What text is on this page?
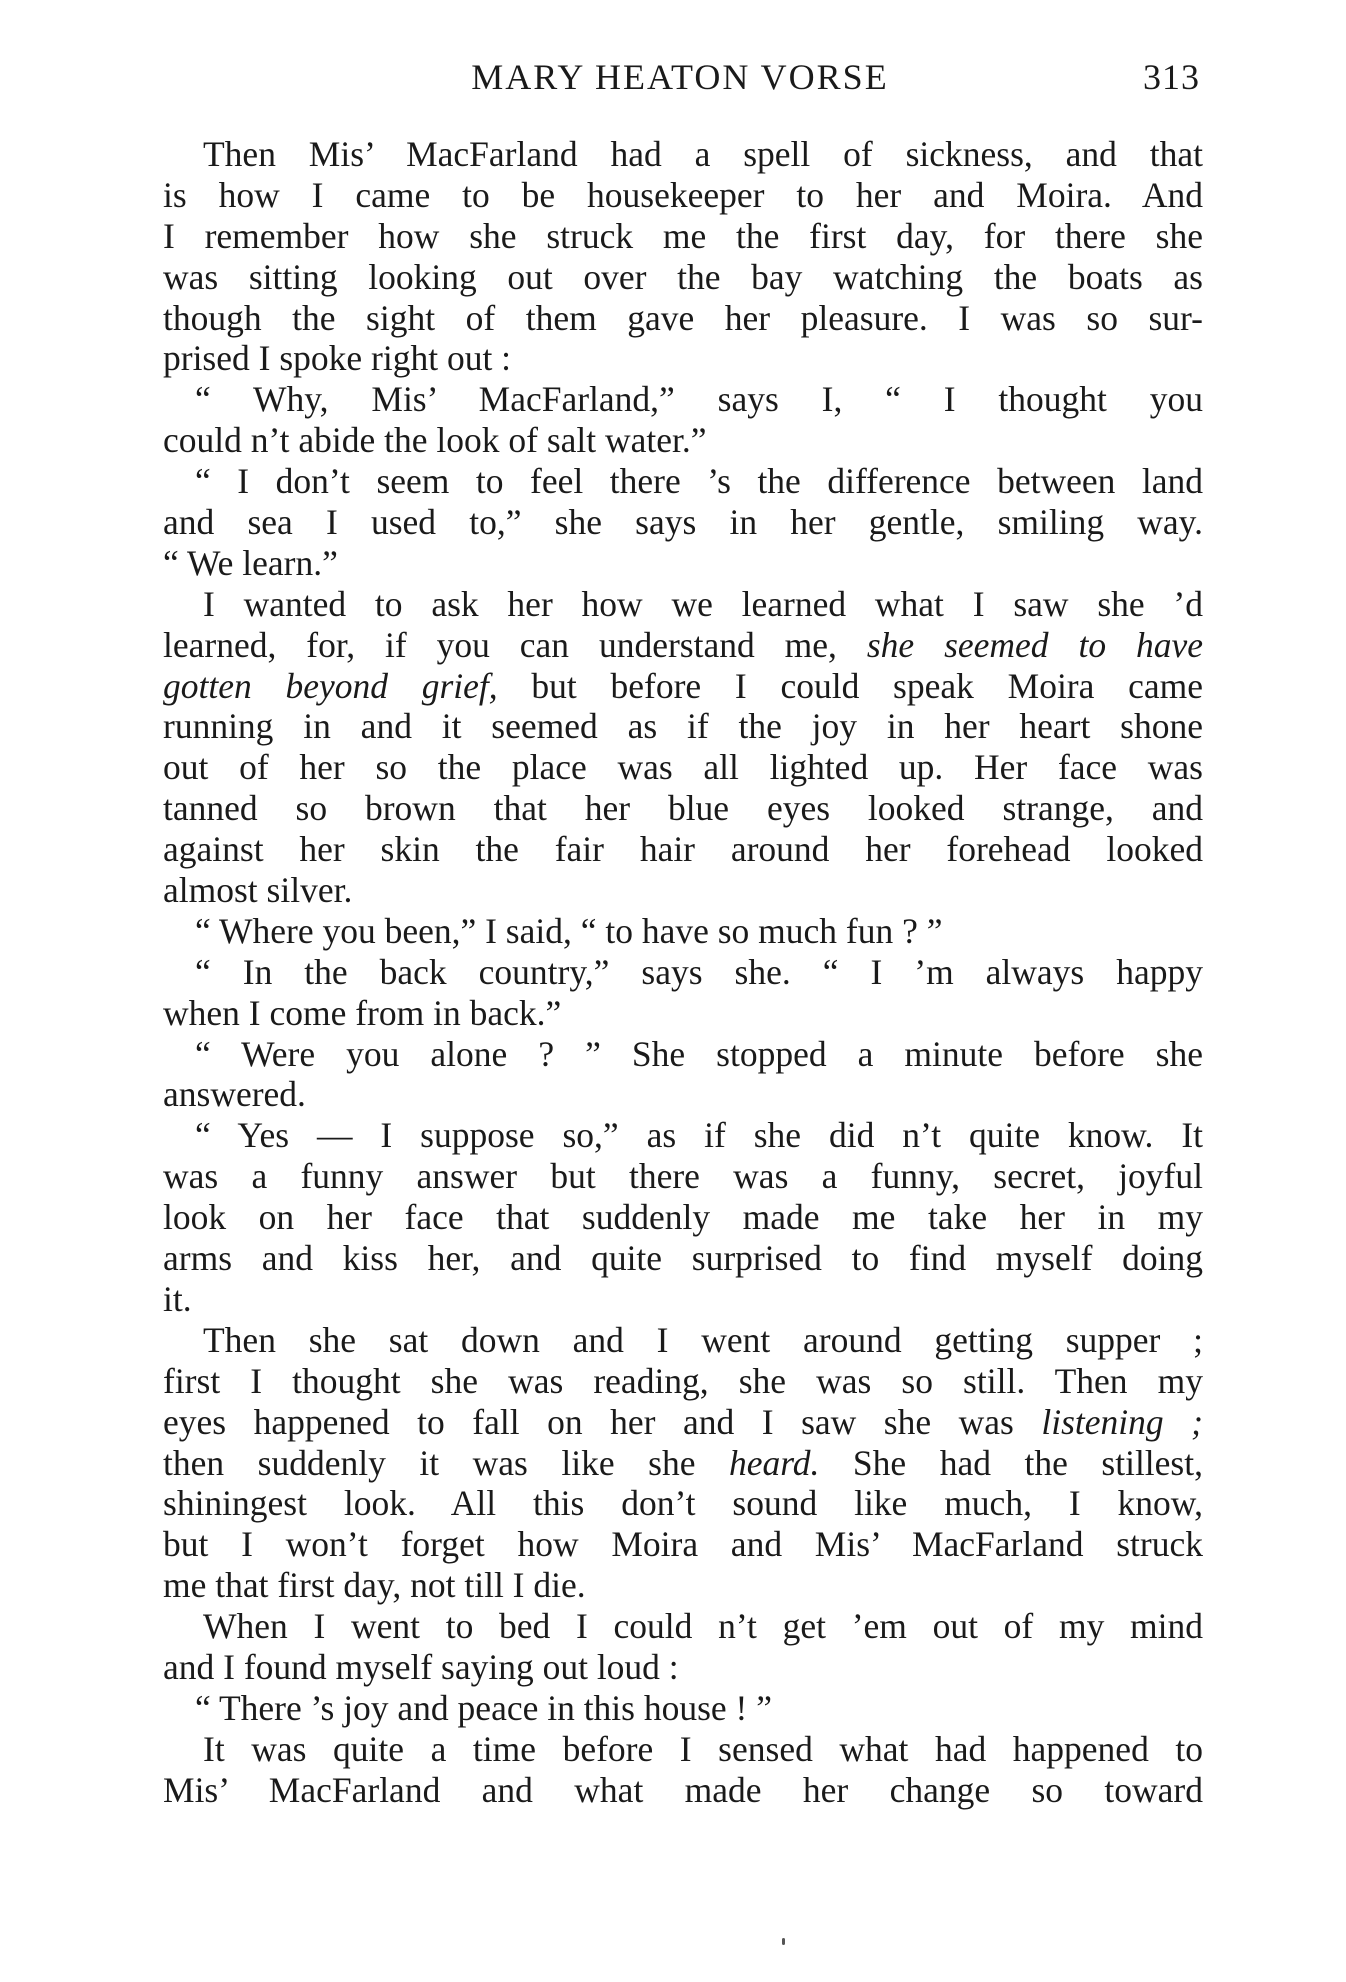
MARY HEATON VORSE	313
Then Mis’ MacFarland had a spell of sickness, and that
is how I came to be housekeeper to her and Moira. And
I remember how she struck me the first day, for there she
was sitting looking out over the bay watching the boats as
though the sight of them gave her pleasure. I was so sur-
prised I spoke right out :
“ Why, Mis’ MacFarland,” says I, “ I thought you
could n’t abide the look of salt water.”
“ I don’t seem to feel there ’s the difference between land
and sea I used to,” she says in her gentle, smiling way.
“ We learn.”
I wanted to ask her how we learned what I saw she ’d
learned, for, if you can understand me, she seemed to have
gotten beyond grief, but before I could speak Moira came
running in and it seemed as if the joy in her heart shone
out of her so the place was all lighted up. Her face was
tanned so brown that her blue eyes looked strange, and
against her skin the fair hair around her forehead looked
almost silver.
“ Where you been,” I said, “ to have so much fun ? ”
“ In the back country,” says she. “ I ’m always happy
when I come from in back.”
“ Were you alone ? ” She stopped a minute before she
answered.
“ Yes — I suppose so,” as if she did n’t quite know. It
was a funny answer but there was a funny, secret, joyful
look on her face that suddenly made me take her in my
arms and kiss her, and quite surprised to find myself doing
it.
Then she sat down and I went around getting supper ;
first I thought she was reading, she was so still. Then my
eyes happened to fall on her and I saw she was listening ;
then suddenly it was like she heard. She had the stillest,
shiningest look. All this don’t sound like much, I know,
but I won’t forget how Moira and Mis’ MacFarland struck
me that first day, not till I die.
When I went to bed I could n’t get ’em out of my mind
and I found myself saying out loud :
“ There ’s joy and peace in this house ! ”
It was quite a time before I sensed what had happened to
Mis’ MacFarland and what made her change so toward
